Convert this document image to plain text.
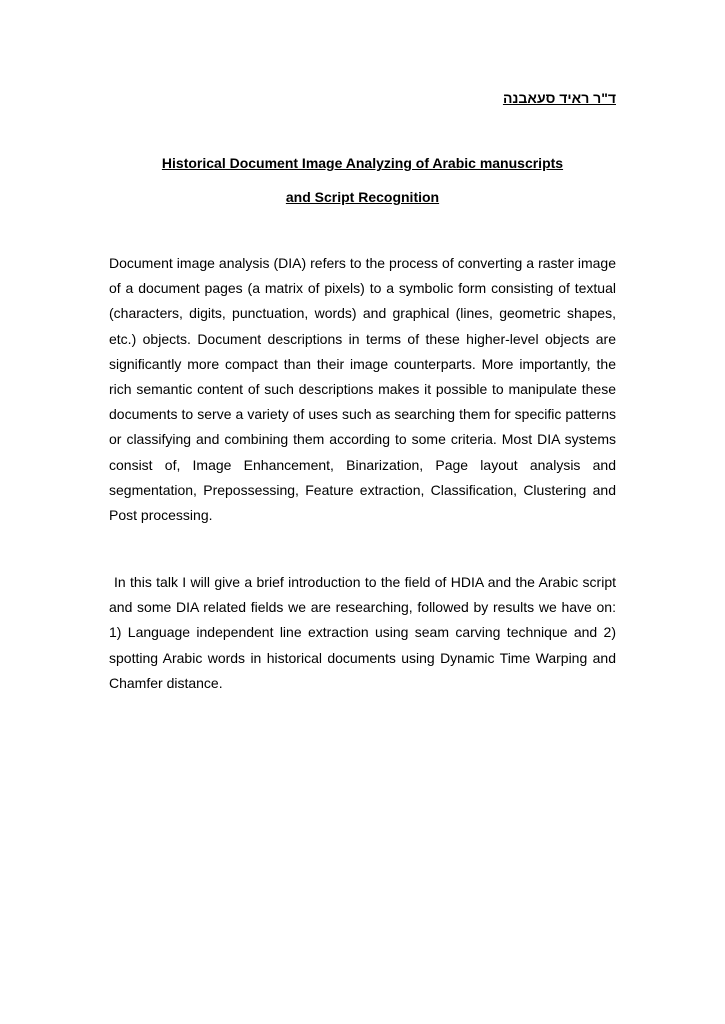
ד"ר ראיד סעאבנה
Historical Document Image Analyzing of Arabic manuscripts
and Script Recognition

Document image analysis (DIA) refers to the process of converting a raster image of a document pages (a matrix of pixels) to a symbolic form consisting of textual (characters, digits, punctuation, words) and graphical (lines, geometric shapes, etc.) objects. Document descriptions in terms of these higher-level objects are significantly more compact than their image counterparts. More importantly, the rich semantic content of such descriptions makes it possible to manipulate these documents to serve a variety of uses such as searching them for specific patterns or classifying and combining them according to some criteria. Most DIA systems consist of, Image Enhancement, Binarization, Page layout analysis and segmentation, Prepossessing, Feature extraction, Classification, Clustering and Post processing.

In this talk I will give a brief introduction to the field of HDIA and the Arabic script and some DIA related fields we are researching, followed by results we have on: 1) Language independent line extraction using seam carving technique and 2) spotting Arabic words in historical documents using Dynamic Time Warping and Chamfer distance.
